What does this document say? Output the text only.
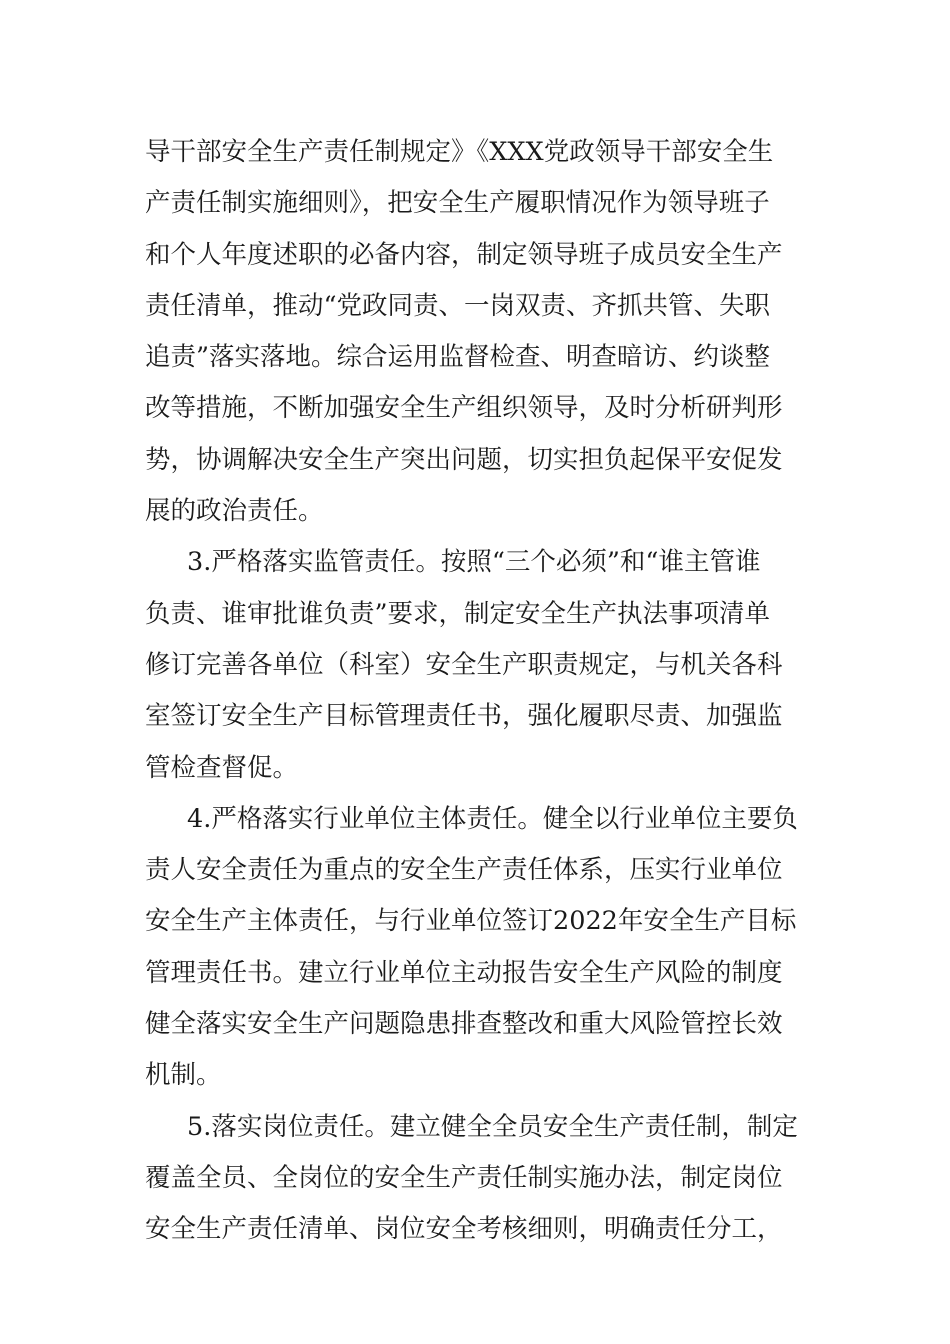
导干部安全生产责任制规定》《XXX党政领导干部安全生
产责任制实施细则》，把安全生产履职情况作为领导班子
和个人年度述职的必备内容，制定领导班子成员安全生产
责任清单，推动“党政同责、一岗双责、齐抓共管、失职
追责”落实落地。综合运用监督检查、明查暗访、约谈整
改等措施，不断加强安全生产组织领导，及时分析研判形
势，协调解决安全生产突出问题，切实担负起保平安促发
展的政治责任。
3.严格落实监管责任。按照“三个必须”和“谁主管谁
负责、谁审批谁负责”要求，制定安全生产执法事项清单
修订完善各单位（科室）安全生产职责规定，与机关各科
室签订安全生产目标管理责任书，强化履职尽责、加强监
管检查督促。
4.严格落实行业单位主体责任。健全以行业单位主要负
责人安全责任为重点的安全生产责任体系，压实行业单位
安全生产主体责任，与行业单位签订2022年安全生产目标
管理责任书。建立行业单位主动报告安全生产风险的制度
健全落实安全生产问题隐患排查整改和重大风险管控长效
机制。
5.落实岗位责任。建立健全全员安全生产责任制，制定
覆盖全员、全岗位的安全生产责任制实施办法，制定岗位
安全生产责任清单、岗位安全考核细则，明确责任分工，
